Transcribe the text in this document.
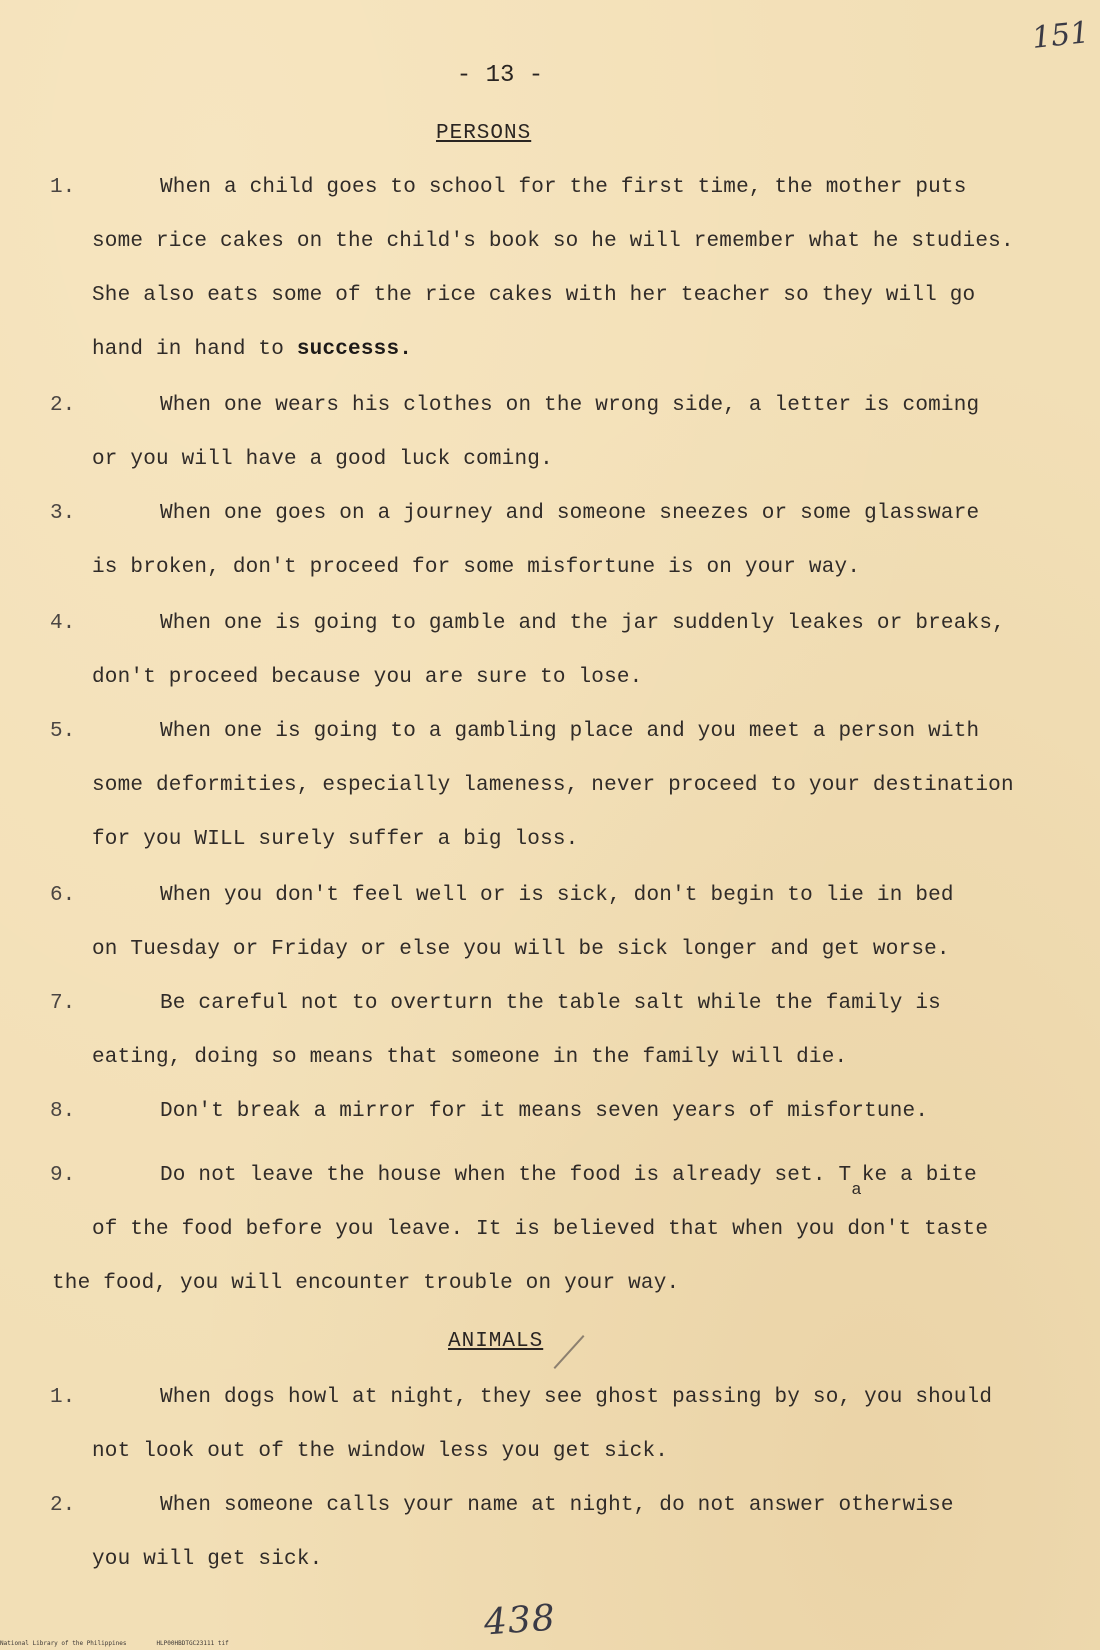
151
- 13 -
PERSONS
1.	When a child goes to school for the first time, the mother puts
some rice cakes on the child's book so he will remember what he studies.
She also eats some of the rice cakes with her teacher so they will go
hand in hand to successs.
2.	When one wears his clothes on the wrong side, a letter is coming
or you will have a good luck coming.
3.	When one goes on a journey and someone sneezes or some glassware
is broken, don't proceed for some misfortune is on your way.
4.	When one is going to gamble and the jar suddenly leakes or breaks,
don't proceed because you are sure to lose.
5.	When one is going to a gambling place and you meet a person with
some deformities, especially lameness, never proceed to your destination
for you WILL surely suffer a big loss.
6.	When you don't feel well or is sick, don't begin to lie in bed
on Tuesday or Friday or else you will be sick longer and get worse.
7.	Be careful not to overturn the table salt while the family is
eating, doing so means that someone in the family will die.
8.	Don't break a mirror for it means seven years of misfortune.
9.	Do not leave the house when the food is already set. $T_ake$ a bite
of the food before you leave. It is believed that when you don't taste
the food, you will encounter trouble on your way.
ANIMALS
1.	When dogs howl at night, they see ghost passing by so, you should
not look out of the window less you get sick.
2.	When someone calls your name at night, do not answer otherwise
you will get sick.
438
National Library of the Philippines	HLP00HBDTGC23111 tif
